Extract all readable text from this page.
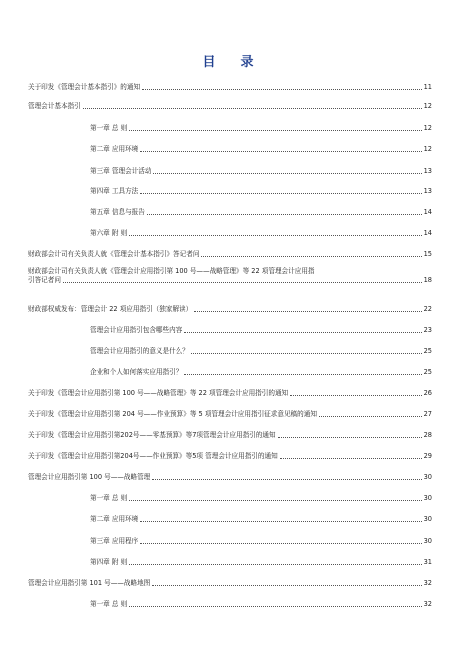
目　录
关于印发《管理会计基本指引》的通知	11
管理会计基本指引	12
第一章 总 则	12
第二章 应用环境	12
第三章 管理会计活动	13
第四章 工具方法	13
第五章 信息与报告	14
第六章 附 则	14
财政部会计司有关负责人就《管理会计基本指引》答记者问	15
财政部会计司有关负责人就《管理会计应用指引第 100 号——战略管理》等 22 项管理会计应用指
引答记者问	18
财政部权威发布：管理会计 22 项应用指引（独家解读）	22
管理会计应用指引包含哪些内容	23
管理会计应用指引的意义是什么？	25
企业和个人如何落实应用指引？	25
关于印发《管理会计应用指引第 100 号——战略管理》等 22 项管理会计应用指引的通知	26
关于印发《管理会计应用指引第 204 号——作业预算》等 5 项管理会计应用指引征求意见稿的通知	27
关于印发《管理会计应用指引第202号——零基预算》等7项管理会计应用指引的通知	28
关于印发《管理会计应用指引第204号——作业预算》等5项 管理会计应用指引的通知	29
管理会计应用指引第 100 号——战略管理	30
第一章 总 则	30
第二章 应用环境	30
第三章 应用程序	30
第四章 附 则	31
管理会计应用指引第 101 号——战略地图	32
第一章 总 则	32
